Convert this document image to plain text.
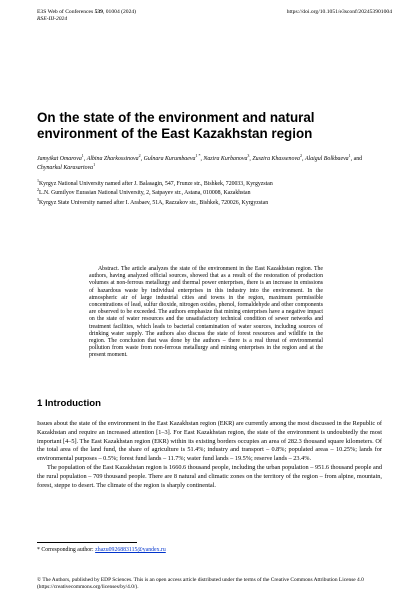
E3S Web of Conferences 539, 01004 (2024)	https://doi.org/10.1051/e3sconf/202453901004
RSE-III-2024
On the state of the environment and natural environment of the East Kazakhstan region
Jamyikat Omarova$^1$, Albina Zharkossinova$^2$, Gulnara Kurumbaeva$^{1 *}$, Nazira Kurbanova$^3$, Zuszira Khassenova$^2$, Alaigul Bolkbaeva$^1$, and Chynarkul Karasartova$^1$

$^1$Kyrgyz National University named after J. Balasagin, 547, Frunze str., Bishkek, 720033, Kyrgyzstan

$^2$L.N. Gumilyov Eurasian National University, 2, Satpayev str., Astana, 010008, Kazakhstan

$^3$Kyrgyz State University named after I. Arabaev, 51A, Razzakov str., Bishkek, 720026, Kyrgyzstan

Abstract. The article analyzes the state of the environment in the East Kazakhstan region. The authors, having analyzed official sources, showed that as a result of the restoration of production volumes at non-ferrous metallurgy and thermal power enterprises, there is an increase in emissions of hazardous waste by individual enterprises in this industry into the environment. In the atmospheric air of large industrial cities and towns in the region, maximum permissible concentrations of lead, sulfur dioxide, nitrogen oxides, phenol, formaldehyde and other components are observed to be exceeded. The authors emphasize that mining enterprises have a negative impact on the state of water resources and the unsatisfactory technical condition of sewer networks and treatment facilities, which leads to bacterial contamination of water sources, including sources of drinking water supply. The authors also discuss the state of forest resources and wildlife in the region. The conclusion that was done by the authors – there is a real threat of environmental pollution from waste from non-ferrous metallurgy and mining enterprises in the region and at the present moment.

1 Introduction

Issues about the state of the environment in the East Kazakhstan region (EKR) are currently among the most discussed in the Republic of Kazakhstan and require an increased attention [1–3]. For East Kazakhstan region, the state of the environment is undoubtedly the most important [4–5]. The East Kazakhstan region (EKR) within its existing borders occupies an area of 282.3 thousand square kilometers. Of the total area of the land fund, the share of agriculture is 51.4%; industry and transport – 0.8%; populated areas – 10.25%; lands for environmental purposes – 0.5%; forest fund lands – 11.7%; water fund lands – 19.5%; reserve lands – 23.4%.

The population of the East Kazakhstan region is 1660.6 thousand people, including the urban population – 951.6 thousand people and the rural population – 709 thousand people. There are 8 natural and climatic zones on the territory of the region – from alpine, mountain, forest, steppe to desert. The climate of the region is sharply continental.

* Corresponding author: zhazu0926883115@yandex.ru
© The Authors, published by EDP Sciences. This is an open access article distributed under the terms of the Creative Commons Attribution License 4.0 (https://creativecommons.org/licenses/by/4.0/).
